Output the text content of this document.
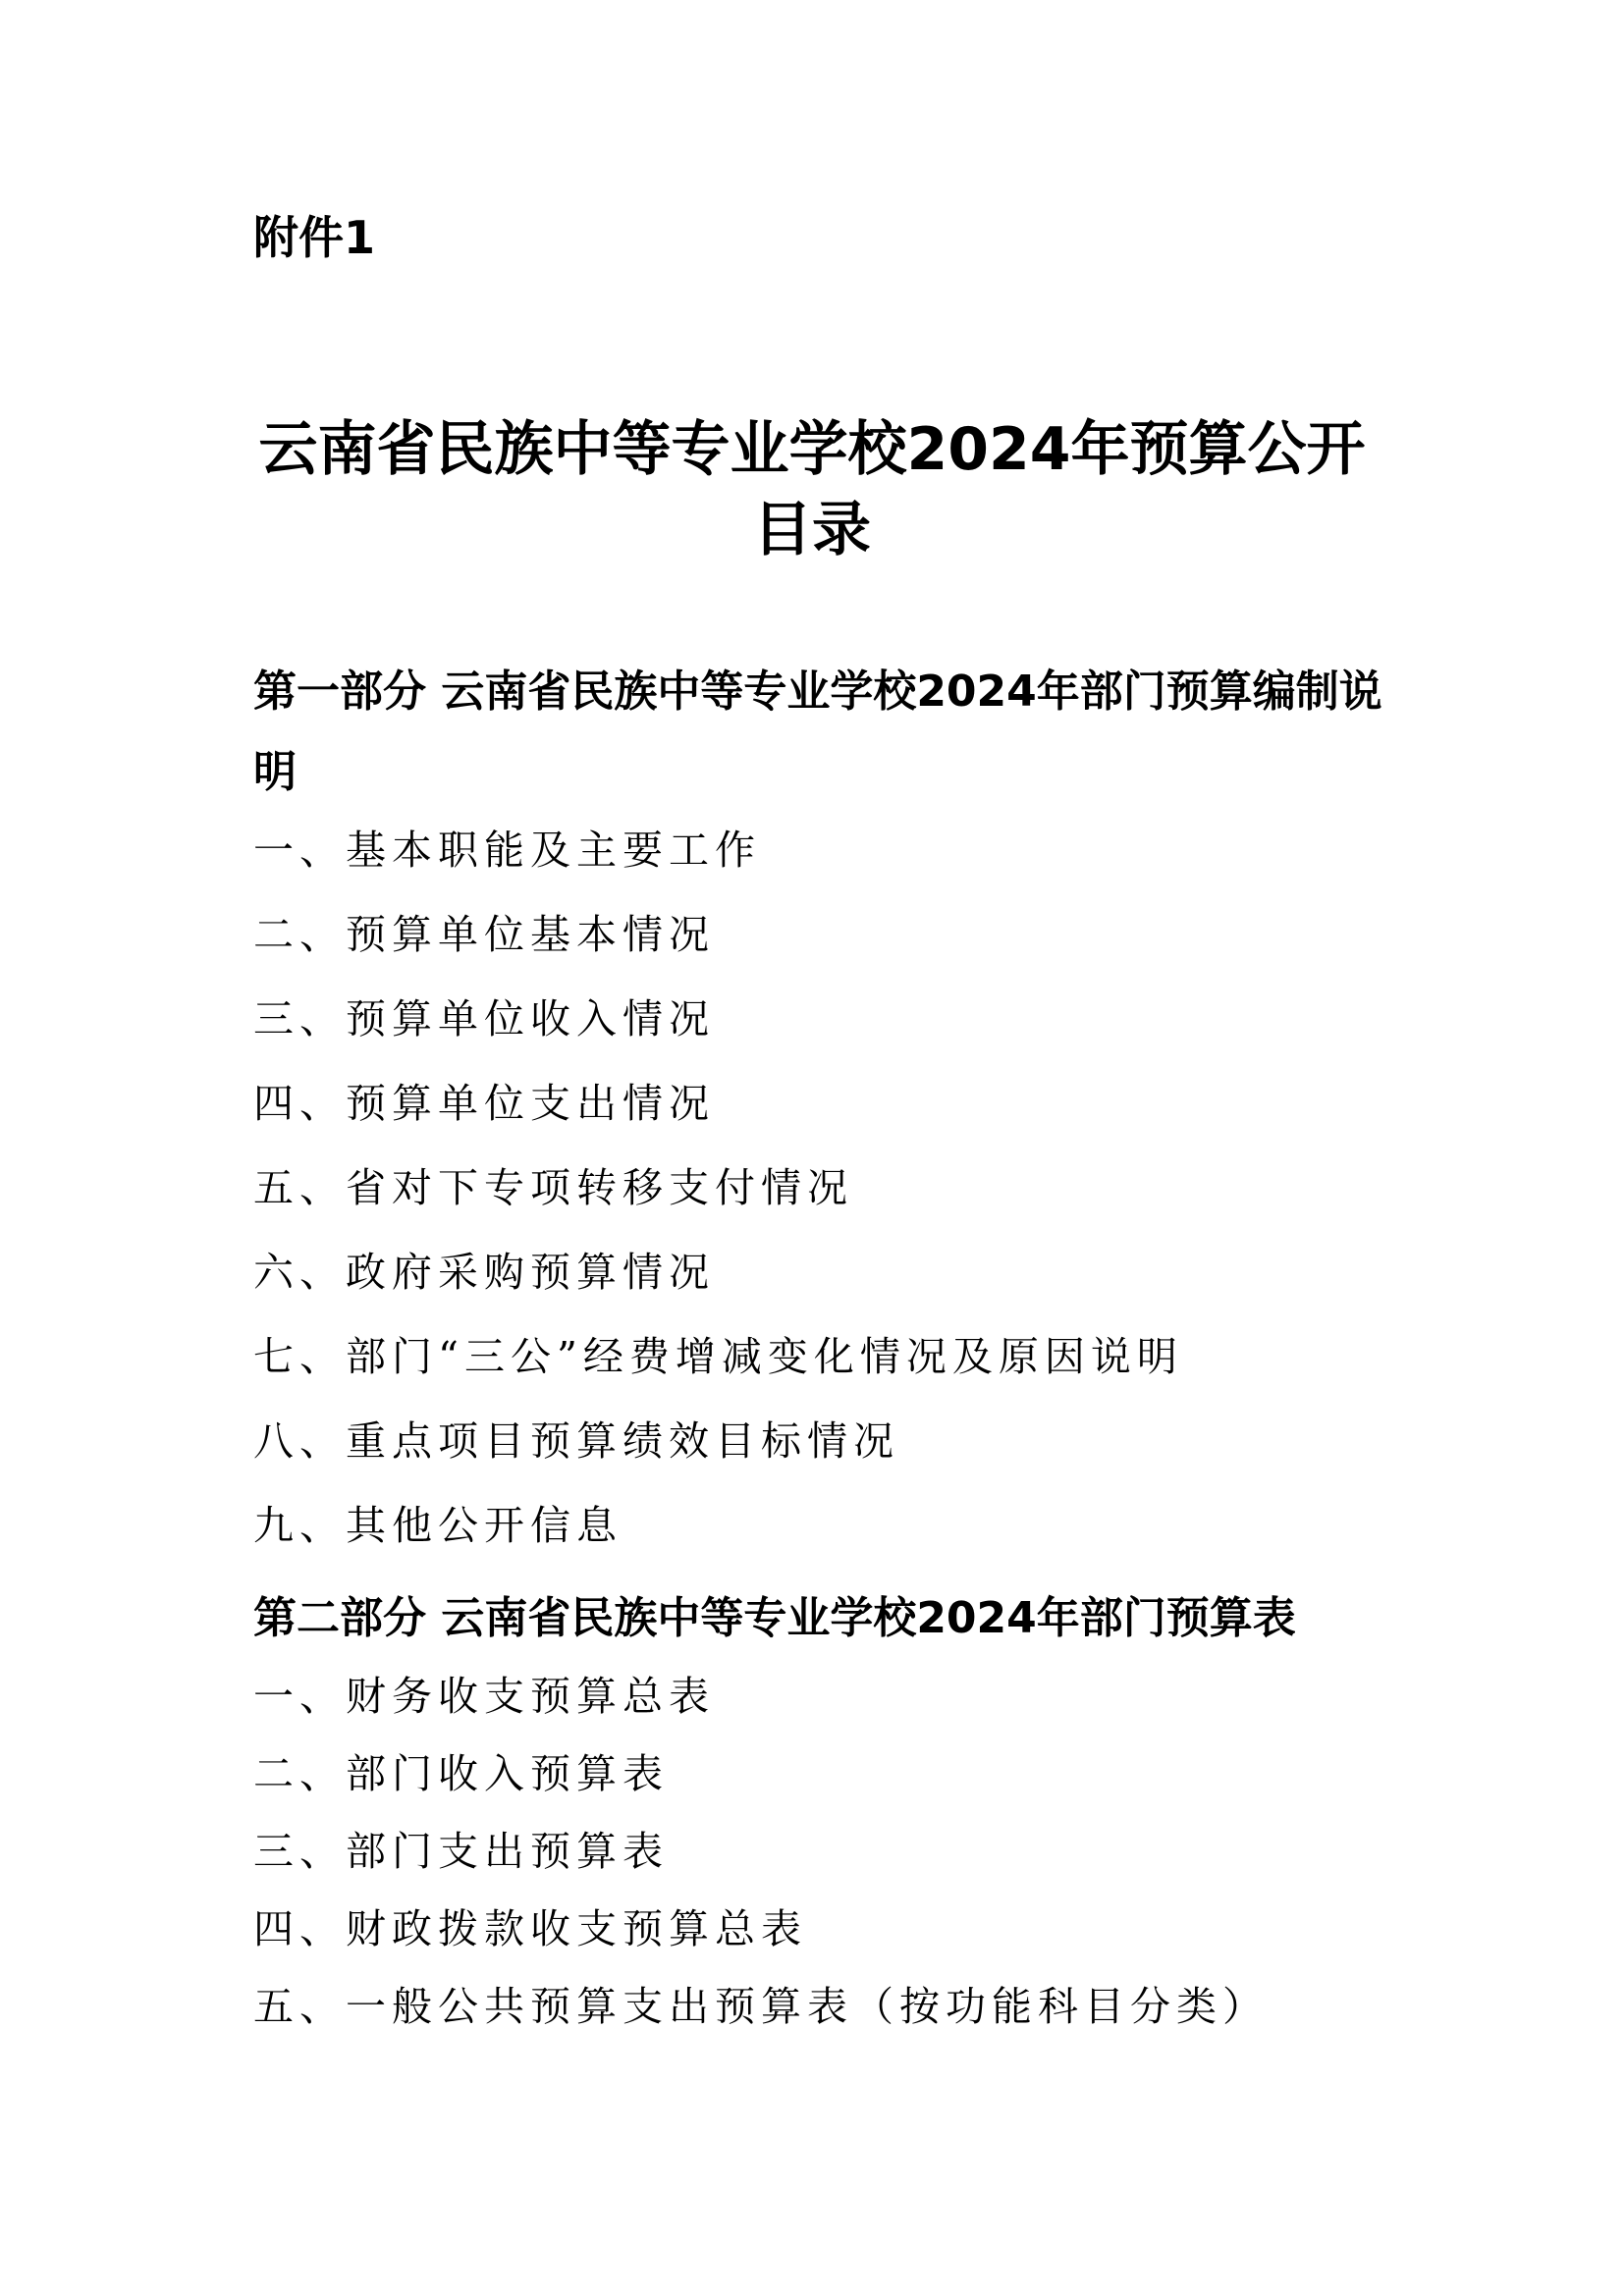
附件1
云南省民族中等专业学校2024年预算公开
目录
第一部分 云南省民族中等专业学校2024年部门预算编制说明
一、基本职能及主要工作
二、预算单位基本情况
三、预算单位收入情况
四、预算单位支出情况
五、省对下专项转移支付情况
六、政府采购预算情况
七、部门“三公”经费增减变化情况及原因说明
八、重点项目预算绩效目标情况
九、其他公开信息
第二部分 云南省民族中等专业学校2024年部门预算表
一、财务收支预算总表
二、部门收入预算表
三、部门支出预算表
四、财政拨款收支预算总表
五、一般公共预算支出预算表（按功能科目分类）
